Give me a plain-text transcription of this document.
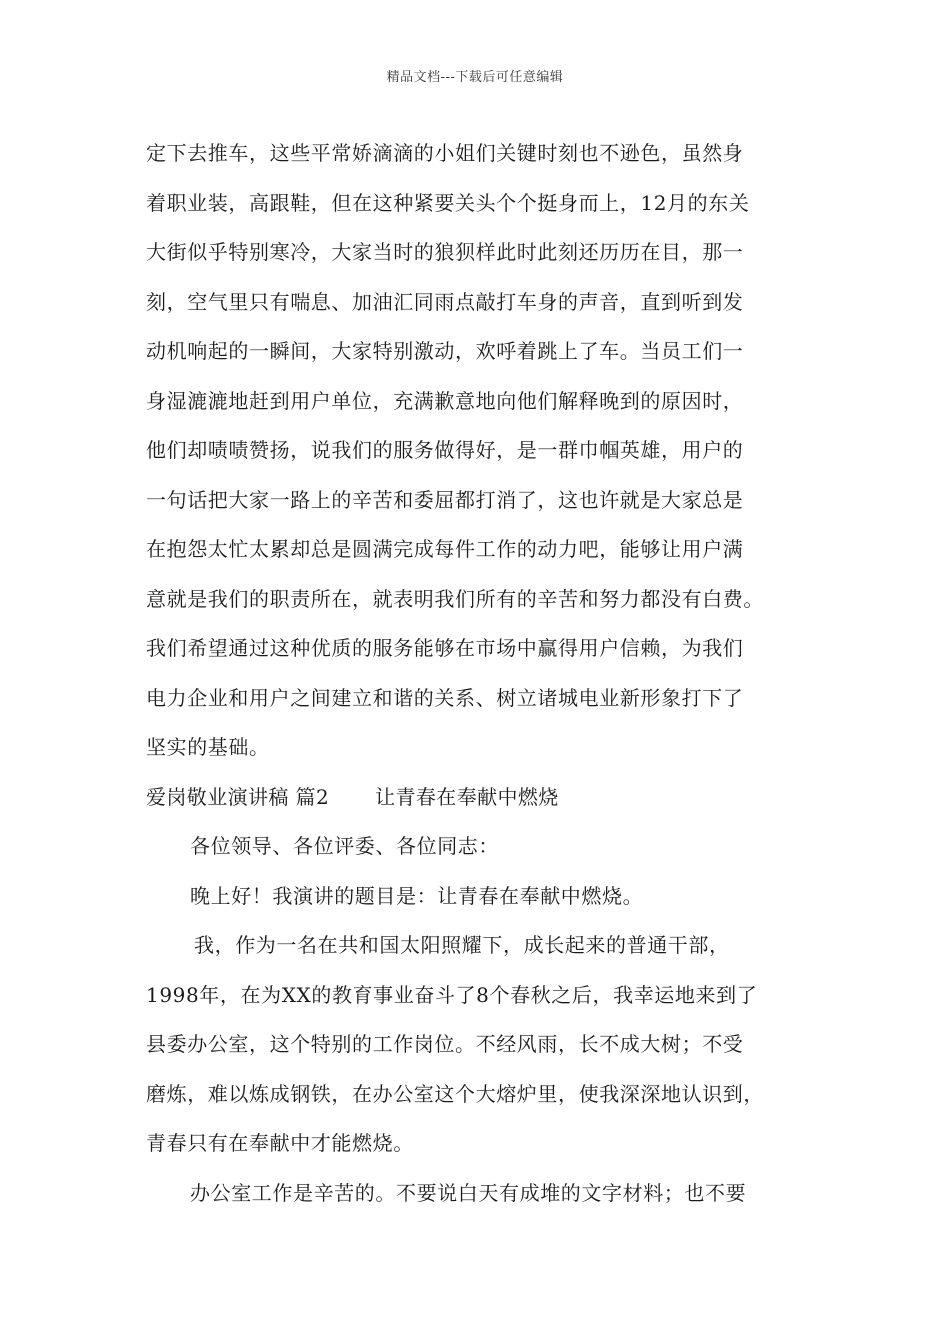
精品文档---下载后可任意编辑
定下去推车，这些平常娇滴滴的小姐们关键时刻也不逊色，虽然身
着职业装，高跟鞋，但在这种紧要关头个个挺身而上，12月的东关
大街似乎特别寒冷，大家当时的狼狈样此时此刻还历历在目，那一
刻，空气里只有喘息、加油汇同雨点敲打车身的声音，直到听到发
动机响起的一瞬间，大家特别激动，欢呼着跳上了车。当员工们一
身湿漉漉地赶到用户单位，充满歉意地向他们解释晚到的原因时，
他们却啧啧赞扬，说我们的服务做得好，是一群巾帼英雄，用户的
一句话把大家一路上的辛苦和委屈都打消了，这也许就是大家总是
在抱怨太忙太累却总是圆满完成每件工作的动力吧，能够让用户满
意就是我们的职责所在，就表明我们所有的辛苦和努力都没有白费。
我们希望通过这种优质的服务能够在市场中赢得用户信赖，为我们
电力企业和用户之间建立和谐的关系、树立诸城电业新形象打下了
坚实的基础。
爱岗敬业演讲稿 篇2 让青春在奉献中燃烧
各位领导、各位评委、各位同志：
晚上好！我演讲的题目是：让青春在奉献中燃烧。
我，作为一名在共和国太阳照耀下，成长起来的普通干部，
1998年，在为XX的教育事业奋斗了8个春秋之后，我幸运地来到了
县委办公室，这个特别的工作岗位。不经风雨，长不成大树；不受
磨炼，难以炼成钢铁，在办公室这个大熔炉里，使我深深地认识到，
青春只有在奉献中才能燃烧。
办公室工作是辛苦的。不要说白天有成堆的文字材料；也不要
